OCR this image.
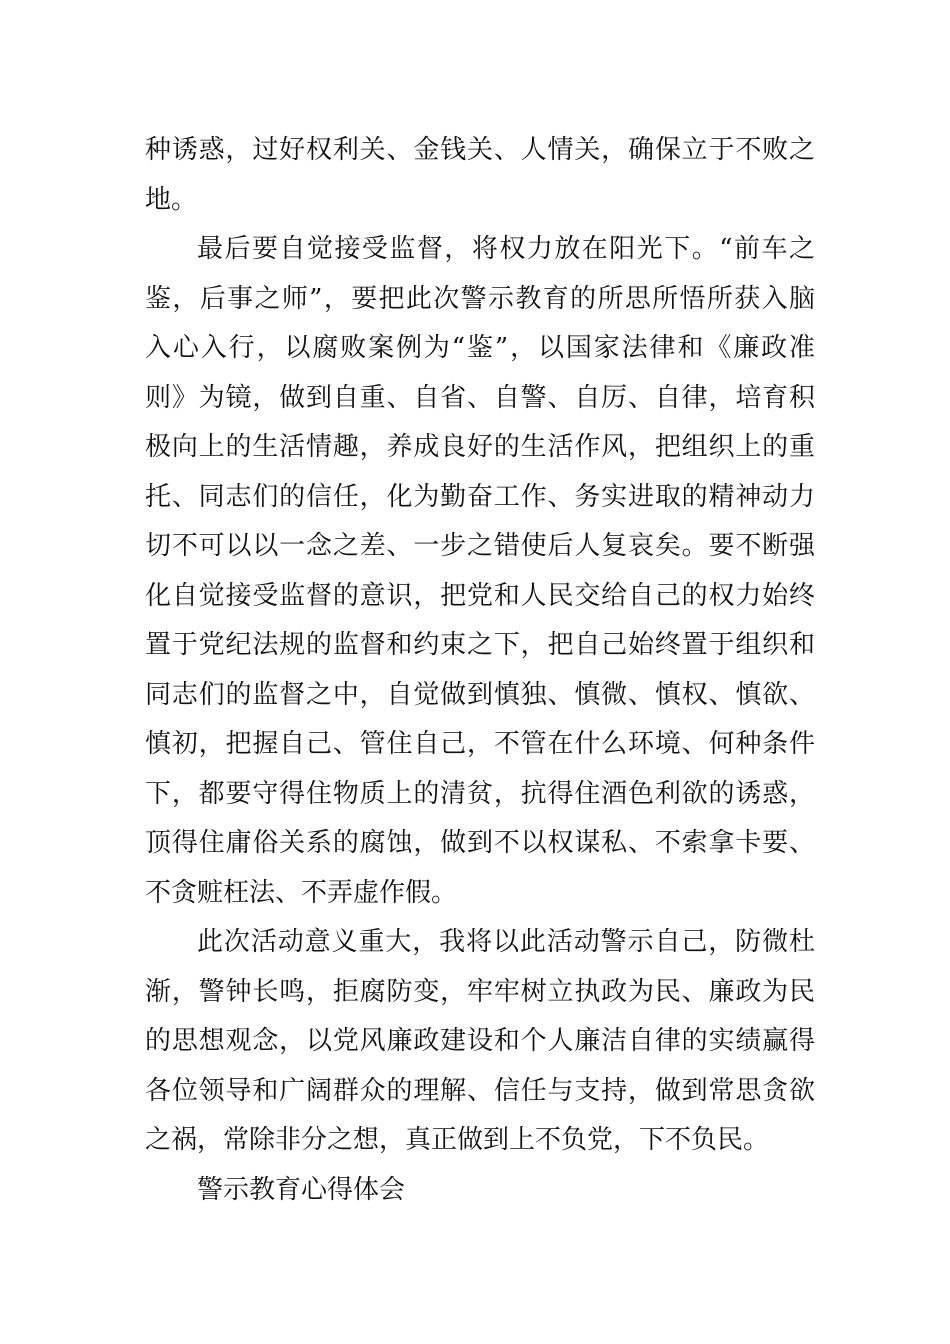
种诱惑，过好权利关、金钱关、人情关，确保立于不败之
地。
最后要自觉接受监督，将权力放在阳光下。“前车之
鉴，后事之师”，要把此次警示教育的所思所悟所获入脑
入心入行，以腐败案例为“鉴”，以国家法律和《廉政准
则》为镜，做到自重、自省、自警、自厉、自律，培育积
极向上的生活情趣，养成良好的生活作风，把组织上的重
托、同志们的信任，化为勤奋工作、务实进取的精神动力
切不可以以一念之差、一步之错使后人复哀矣。要不断强
化自觉接受监督的意识，把党和人民交给自己的权力始终
置于党纪法规的监督和约束之下，把自己始终置于组织和
同志们的监督之中，自觉做到慎独、慎微、慎权、慎欲、
慎初，把握自己、管住自己，不管在什么环境、何种条件
下，都要守得住物质上的清贫，抗得住酒色利欲的诱惑，
顶得住庸俗关系的腐蚀，做到不以权谋私、不索拿卡要、
不贪赃枉法、不弄虚作假。
此次活动意义重大，我将以此活动警示自己，防微杜
渐，警钟长鸣，拒腐防变，牢牢树立执政为民、廉政为民
的思想观念，以党风廉政建设和个人廉洁自律的实绩赢得
各位领导和广阔群众的理解、信任与支持，做到常思贪欲
之祸，常除非分之想，真正做到上不负党，下不负民。
警示教育心得体会
